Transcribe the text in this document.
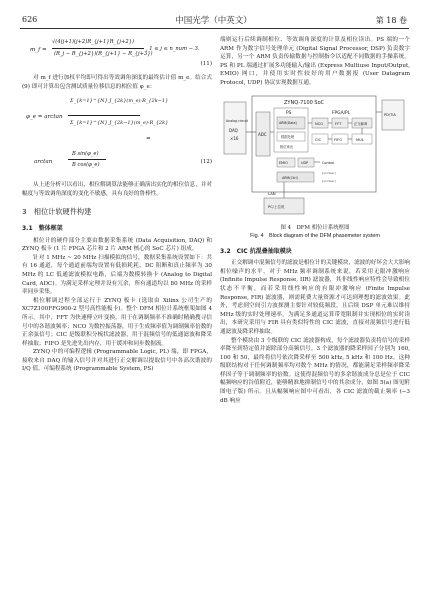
626	中国光学（中英文）	第 18 卷
m_f =
√(4(j+1)(j+2)R_{j+1}R_{j+2})
(R_j − R_{j+2})(R_{j+1} − R_{j+3})
, 1 ≤ j ≤ n_num − 3.
(11)

对 m_f 进行加权平均即可得出等效调角深度的最终估计值 m_e。结合式 (9) 即可计算出包含测试质量位移信息的相位值 φ_e：

φ_e = arctan
Σ_{k=1}^{N} J_{2k}(m_e)·R_{2k−1}
Σ_{k=1}^{N} J_{2k−1}(m_e)·R_{2k}
=
arctan
B sin(φ_e)
B cos(φ_e)	(12)

从上述分析可以看出，相位解调算法能够正确演出实化的相位信息，并对幅度与等效调角深度的变化不敏感，具有良好的鲁棒性。

3　相位计软硬件构建
3.1　整体框架

相位计的硬件部分主要由数据采集系统 (Data Acquisition, DAQ) 和 ZYNQ 板卡 (1 片 FPGA 芯片和 2 片 ARM 核心的 SoC 芯片) 组成。

针对 1 MHz ~ 20 MHz 扫描模拟的信号，数据采集系统设置如下：共有 16 通道，每个通道前端均设置有低损耗耗、DC 阻断和真止频率为 30 MHz 的 LC 低通滤波模拟电路，后端为数模转换卡 (Analog to Digital Card, ADC)。为满足采样定理并设有冗余，所有通道均以 80 MHz 的采样率同步采集。

相位解调过程全部运行于 ZYNQ 板卡 (选取由 Xilinx 公司生产的 XC7Z100FFG900-2 型号高性能板卡)。整个 DFM 相位计系统框架如图 4 所示。其中，FFT 为快速傅立叶变换，用于在调制频率不准确时精确搜寻信号中的各谐波频率；NCO 为数控振荡器，用于生成频率值为调制频率倍数的正余弦信号；CIC 是级联积分梳状滤波器，用于混频信号的低通滤波和降采样抽取；FIFO 是先进先出内存，用于缓冲和同步数据流。

ZYNQ 中的可编程逻辑 (Programmable Logic, PL) 端，即 FPGA，接收来自 DAQ 的输入信号并对其进行正交解调以提取信号中各高次谐波的 I/Q 值。可编程系统 (Programmable System, PS)

端则运行后续调制相位、等效调角深度的计算及相位读出。PS 端的一个 ARM 作为数字信号处理单元 (Digital Signal Processor, DSP) 负责数字运算，另一个 ARM 负责传输数据与控制指令以适配不同数据的手操系统。PS 和 PL 端通过扩展多功能输入/输出 (Express Multiuse Input/Output, EMIO) 网口，并使用实时性较好的用户数据报 (User Datagram Protocol, UDP) 协议实现数据互通。

ZYNQ-7100 SoC
Analog circuit
DAQ
×16
ADC
PS
ARM(Data)
数据处理
相位读出
FPGA/PL
NCO	FFT	正交解调
CIC	FIFO	MUL
EMIO	UDP
ARM(Ctrl)
Control
[unclear]
[unclear]
PD/TIA
LAN
PC/上位机
图 4　DFM 相位计系统框图
Fig. 4　Block diagram of the DFM phasemeter system
3.2　CIC 抗混叠抽取模块

正交解调中混频信号的滤波是相位计的关键模块，滤波的好坏会大大影响相位噪声的水平，对于 MHz 频率调制系统来说，若采用无限冲激响应 (Infinite Impulse Response, IIR) 滤波器，其非线性响应特性会导致相位状态不平衡，而若采用线性响应的有限冲激响应 (Finite Impulse Response, FIR) 滤波器，则需耗费大量资源才可达到理想的滤波效果。此外，考虑到空间引力波探测主要针对较低频段，且后续 DSP 单元难以维持 MHz 级的实时处理速率，为满足多通道运算带宽限制并实现相位的实时读出，本研究采用与 FIR 具有类似特性的 CIC 滤波，直接对混频信号进行低通滤波及降采样抽取。

整个模块由 3 个级联的 CIC 滤波器构成，每个滤波器负责将信号的采样率降至到特定值并滤除部分高频信号。3 个滤波器的降采样因子分别为 160, 100 和 50，最终将信号依次降采样至 500 kHz, 5 kHz 和 100 Hz。这种级联结构对于任何调制频率均对数个 MHz 的情况，都能满足采样频率降采样因子等于调制频率的倍数。这使得混频信号的多余谐波成分总是位于 CIC 幅频响应的谷值附近，能够精准地抑制信号中的其余成分，如图 5(a) 图见附图电子版) 所示。且从幅频响应图中可看出，各 CIC 滤波的截止频率 (−3 dB 响应
